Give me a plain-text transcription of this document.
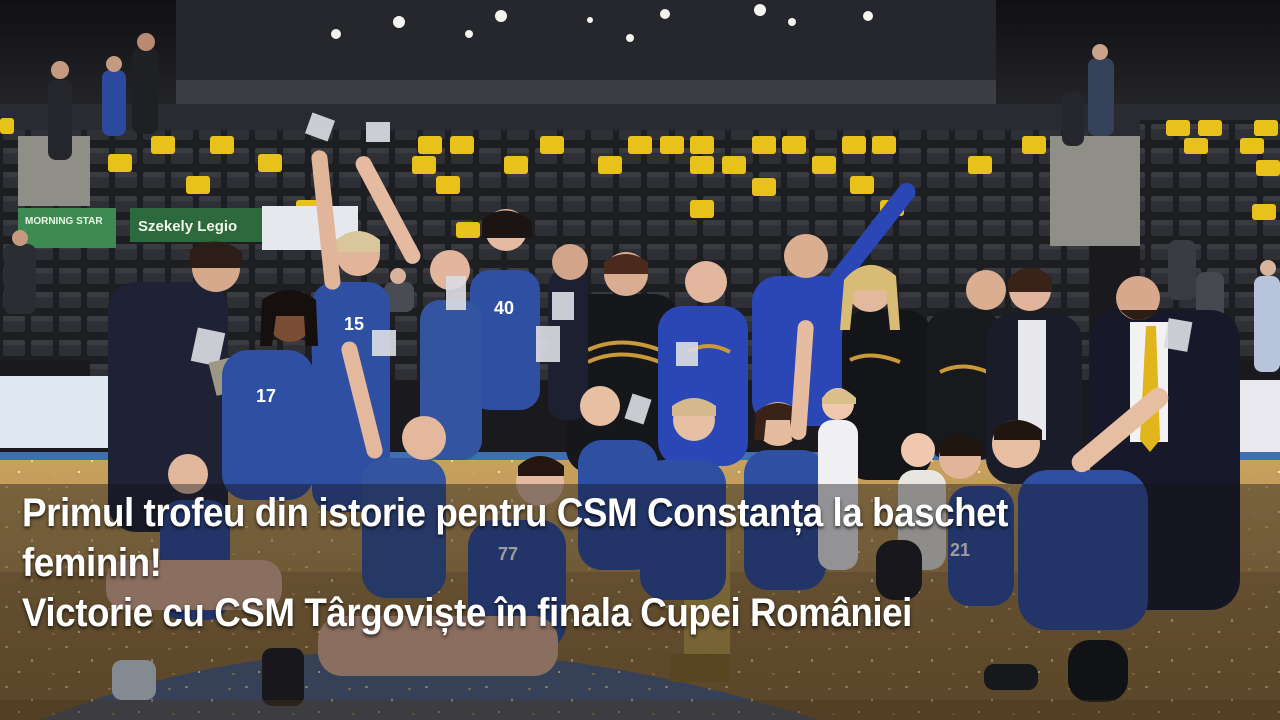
MORNING STAR Szekely Legio
15
40
17
77	21
Primul trofeu din istorie pentru CSM Constanța la baschet
feminin!
Victorie cu CSM Târgoviște în finala Cupei României
